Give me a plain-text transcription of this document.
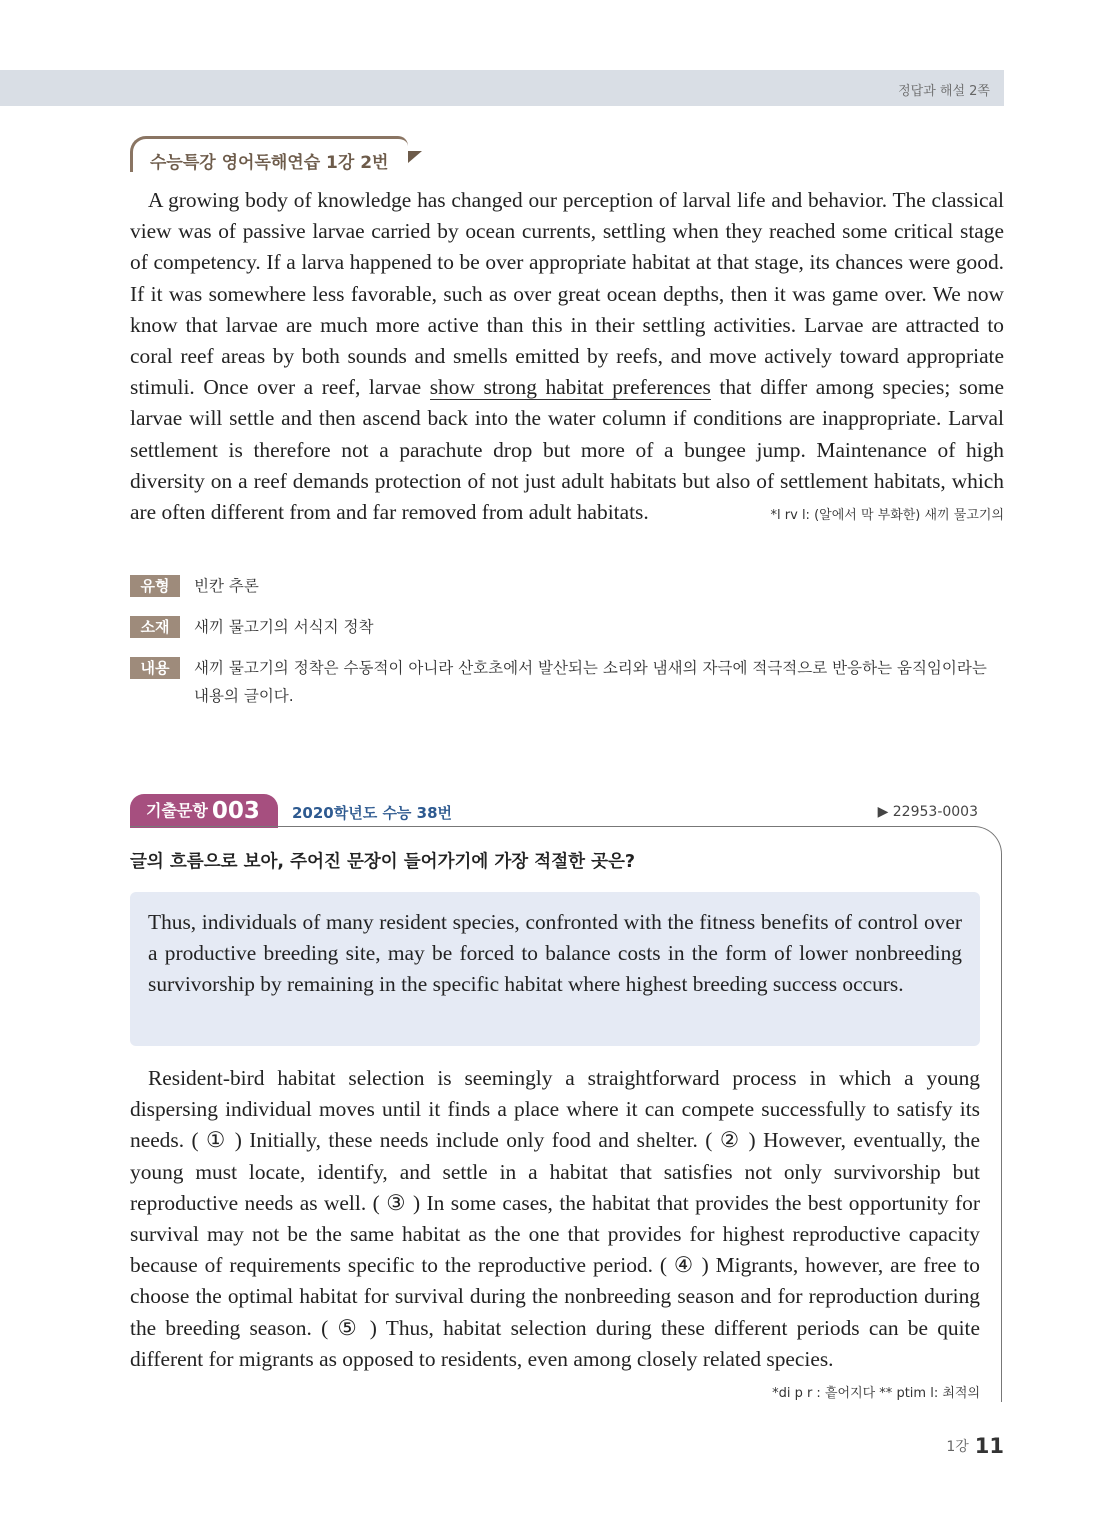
정답과 해설 2쪽
수능특강 영어독해연습 1강 2번
A growing body of knowledge has changed our perception of larval life and behavior. The classical view was of passive larvae carried by ocean currents, settling when they reached some critical stage of competency. If a larva happened to be over appropriate habitat at that stage, its chances were good. If it was somewhere less favorable, such as over great ocean depths, then it was game over. We now know that larvae are much more active than this in their settling activities. Larvae are attracted to coral reef areas by both sounds and smells emitted by reefs, and move actively toward appropriate stimuli. Once over a reef, larvae show strong habitat preferences that differ among species; some larvae will settle and then ascend back into the water column if conditions are inappropriate. Larval settlement is therefore not a parachute drop but more of a bungee jump. Maintenance of high diversity on a reef demands protection of not just adult habitats but also of settlement habitats, which are often different from and far removed from adult habitats.	*l rv l: (알에서 막 부화한) 새끼 물고기의
유형	빈칸 추론
소재	새끼 물고기의 서식지 정착
내용	새끼 물고기의 정착은 수동적이 아니라 산호초에서 발산되는 소리와 냄새의 자극에 적극적으로 반응하는 움직임이라는 내용의 글이다.
기출문항 003	2020학년도 수능 38번	▶ 22953-0003
글의 흐름으로 보아, 주어진 문장이 들어가기에 가장 적절한 곳은?
Thus, individuals of many resident species, confronted with the fitness benefits of control over a productive breeding site, may be forced to balance costs in the form of lower nonbreeding survivorship by remaining in the specific habitat where highest breeding success occurs.
Resident-bird habitat selection is seemingly a straightforward process in which a young dispersing individual moves until it finds a place where it can compete successfully to satisfy its needs. ( ① ) Initially, these needs include only food and shelter. ( ② ) However, eventually, the young must locate, identify, and settle in a habitat that satisfies not only survivorship but reproductive needs as well. ( ③ ) In some cases, the habitat that provides the best opportunity for survival may not be the same habitat as the one that provides for highest reproductive capacity because of requirements specific to the reproductive period. ( ④ ) Migrants, however, are free to choose the optimal habitat for survival during the nonbreeding season and for reproduction during the breeding season. ( ⑤ ) Thus, habitat selection during these different periods can be quite different for migrants as opposed to residents, even among closely related species.
*di p r : 흩어지다 ** ptim l: 최적의
1강 11
